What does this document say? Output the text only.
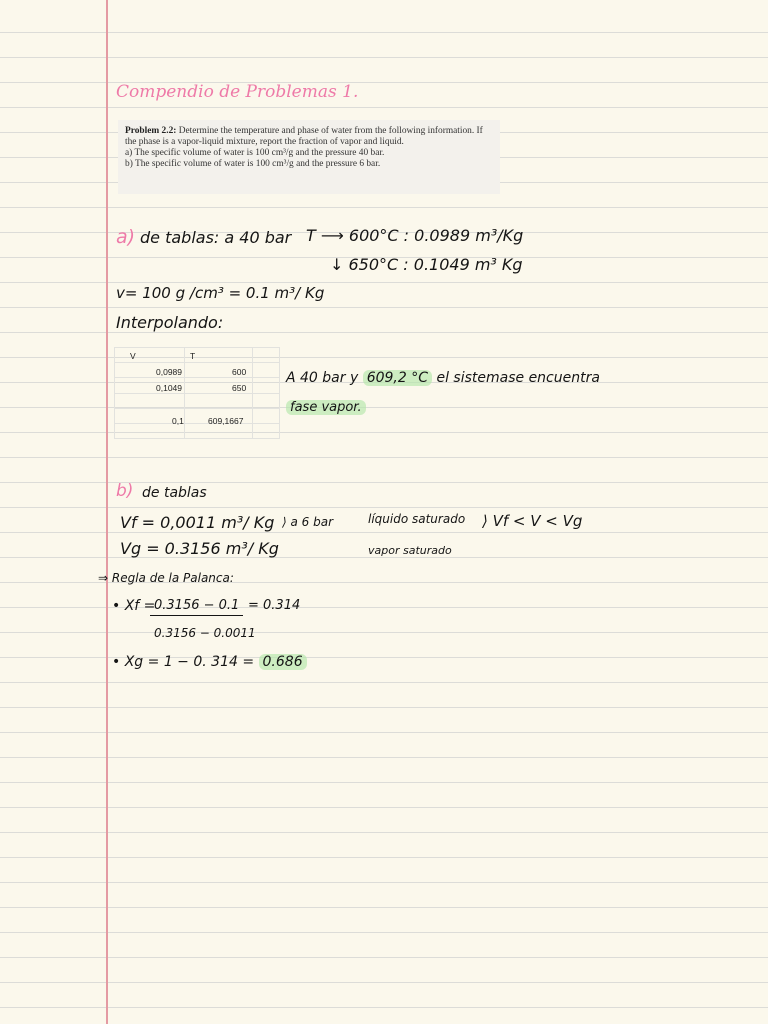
Compendio de Problemas 1.
Problem 2.2: Determine the temperature and phase of water from the following information. If the phase is a vapor-liquid mixture, report the fraction of vapor and liquid.
a) The specific volume of water is 100 cm³/g and the pressure 40 bar.
b) The specific volume of water is 100 cm³/g and the pressure 6 bar.
a) de tablas: a 40 bar T ⟶ 600°C : 0.0989 m³/Kg
↓ 650°C : 0.1049 m³ Kg
v= 100 g /cm³ = 0.1 m³/ Kg
Interpolando:
V	T
0,0989	600
0,1049	650
0,1	609,1667
A 40 bar y 609,2 °C el sistemase encuentra
fase vapor.
b) de tablas
Vf = 0,0011 m³/ Kg
Vg = 0.3156 m³/ Kg
⟩ a 6 bar	líquido saturado
vapor saturado
⟩ Vf < V < Vg
⇒ Regla de la Palanca:
• Xf =
0.3156 − 0.1 = 0.314
0.3156 − 0.0011
• Xg = 1 − 0. 314 = 0.686
